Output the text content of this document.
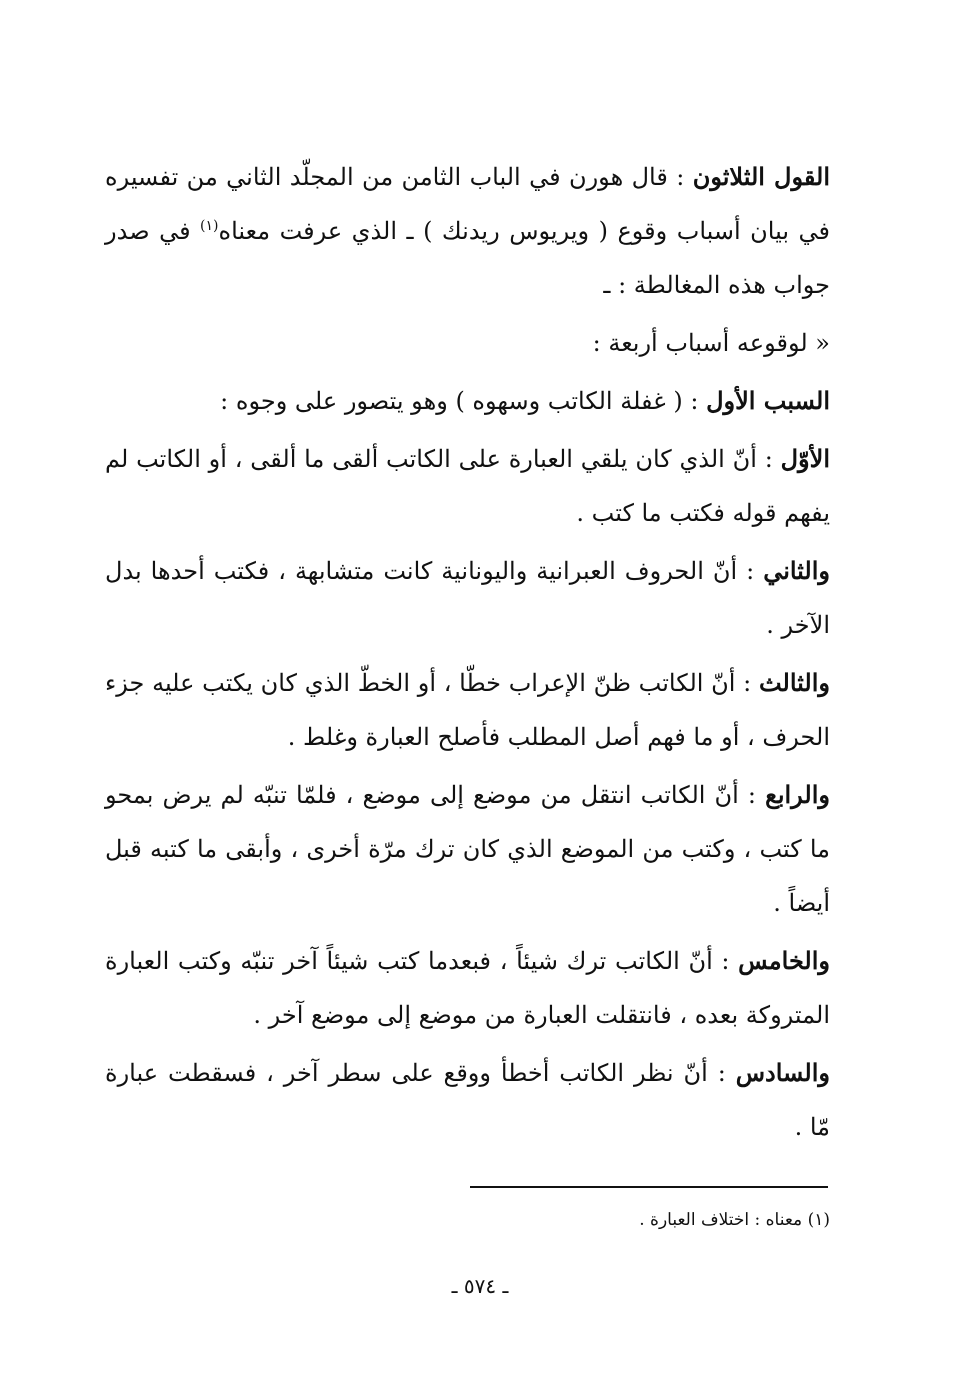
القول الثلاثون : قال هورن في الباب الثامن من المجلّد الثاني من تفسيره في بيان أسباب وقوع ( ويريوس ريدنك ) ـ الذي عرفت معناه$^{(١)}$ في صدر جواب هذه المغالطة : ـ

« لوقوعه أسباب أربعة :

السبب الأول : ( غفلة الكاتب وسهوه ) وهو يتصور على وجوه :

الأوّل : أنّ الذي كان يلقي العبارة على الكاتب ألقى ما ألقى ، أو الكاتب لم يفهم قوله فكتب ما كتب .

والثاني : أنّ الحروف العبرانية واليونانية كانت متشابهة ، فكتب أحدها بدل الآخر .

والثالث : أنّ الكاتب ظنّ الإعراب خطّا ، أو الخطّ الذي كان يكتب عليه جزء الحرف ، أو ما فهم أصل المطلب فأصلح العبارة وغلط .

والرابع : أنّ الكاتب انتقل من موضع إلى موضع ، فلمّا تنبّه لم يرض بمحو ما كتب ، وكتب من الموضع الذي كان ترك مرّة أخرى ، وأبقى ما كتبه قبل أيضاً .

والخامس : أنّ الكاتب ترك شيئاً ، فبعدما كتب شيئاً آخر تنبّه وكتب العبارة المتروكة بعده ، فانتقلت العبارة من موضع إلى موضع آخر .

والسادس : أنّ نظر الكاتب أخطأ ووقع على سطر آخر ، فسقطت عبارة مّا .

(١) معناه : اختلاف العبارة .
ـ ٥٧٤ ـ
